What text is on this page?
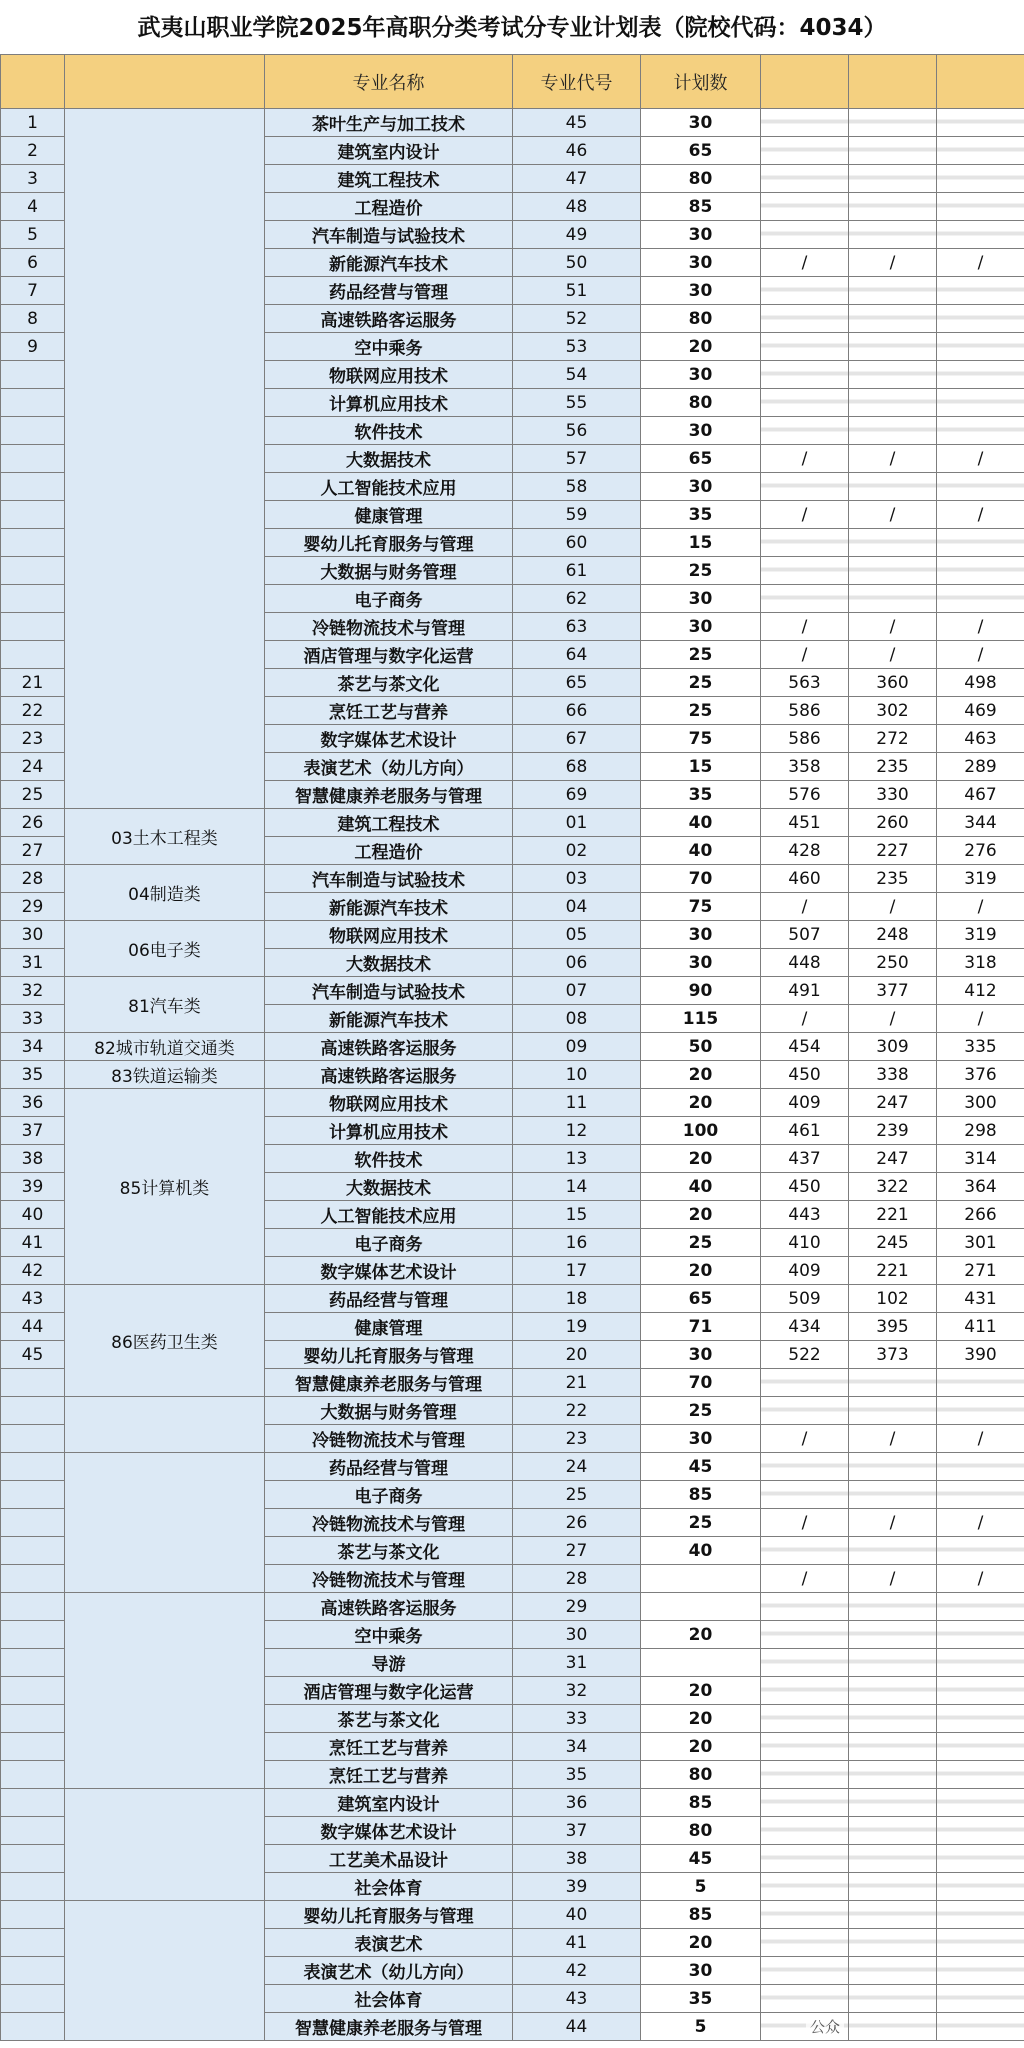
武夷山职业学院2025年高职分类考试分专业计划表（院校代码：4034）
		专业名称	专业代号	计划数			
1		茶叶生产与加工技术	45	30			
2		建筑室内设计	46	65			
3		建筑工程技术	47	80			
4		工程造价	48	85			
5		汽车制造与试验技术	49	30			
6		新能源汽车技术	50	30	/	/	/
7		药品经营与管理	51	30			
8		高速铁路客运服务	52	80			
9		空中乘务	53	20			
		物联网应用技术	54	30			
		计算机应用技术	55	80			
		软件技术	56	30			
		大数据技术	57	65	/	/	/
		人工智能技术应用	58	30			
		健康管理	59	35	/	/	/
		婴幼儿托育服务与管理	60	15			
		大数据与财务管理	61	25			
		电子商务	62	30			
		冷链物流技术与管理	63	30	/	/	/
		酒店管理与数字化运营	64	25	/	/	/
21		茶艺与茶文化	65	25	563	360	498
22		烹饪工艺与营养	66	25	586	302	469
23		数字媒体艺术设计	67	75	586	272	463
24		表演艺术（幼儿方向）	68	15	358	235	289
25		智慧健康养老服务与管理	69	35	576	330	467
26	03土木工程类	建筑工程技术	01	40	451	260	344
27		工程造价	02	40	428	227	276
28	04制造类	汽车制造与试验技术	03	70	460	235	319
29		新能源汽车技术	04	75	/	/	/
30	06电子类	物联网应用技术	05	30	507	248	319
31		大数据技术	06	30	448	250	318
32	81汽车类	汽车制造与试验技术	07	90	491	377	412
33		新能源汽车技术	08	115	/	/	/
34	82城市轨道交通类	高速铁路客运服务	09	50	454	309	335
35	83铁道运输类	高速铁路客运服务	10	20	450	338	376
36	85计算机类	物联网应用技术	11	20	409	247	300
37		计算机应用技术	12	100	461	239	298
38		软件技术	13	20	437	247	314
39		大数据技术	14	40	450	322	364
40		人工智能技术应用	15	20	443	221	266
41		电子商务	16	25	410	245	301
42		数字媒体艺术设计	17	20	409	221	271
43	86医药卫生类	药品经营与管理	18	65	509	102	431
44		健康管理	19	71	434	395	411
45		婴幼儿托育服务与管理	20	30	522	373	390
		智慧健康养老服务与管理	21	70			
		大数据与财务管理	22	25			
		冷链物流技术与管理	23	30	/	/	/
		药品经营与管理	24	45			
		电子商务	25	85			
		冷链物流技术与管理	26	25	/	/	/
		茶艺与茶文化	27	40			
		冷链物流技术与管理	28		/	/	/
		高速铁路客运服务	29				
		空中乘务	30	20			
		导游	31				
		酒店管理与数字化运营	32	20			
		茶艺与茶文化	33	20			
		烹饪工艺与营养	34	20			
		烹饪工艺与营养	35	80			
		建筑室内设计	36	85			
		数字媒体艺术设计	37	80			
		工艺美术品设计	38	45			
		社会体育	39	5			
		婴幼儿托育服务与管理	40	85			
		表演艺术	41	20			
		表演艺术（幼儿方向）	42	30			
		社会体育	43	35			
		智慧健康养老服务与管理	44	5				公众
